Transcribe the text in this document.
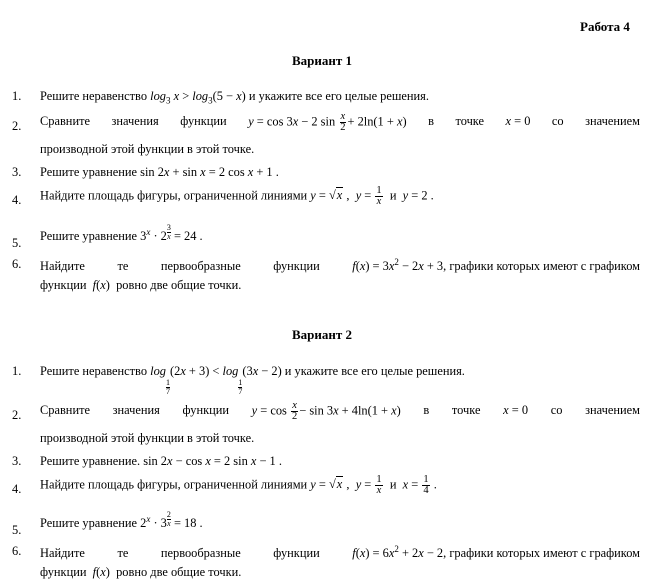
Работа 4
Вариант 1
1. Решите неравенство $\log_3 x > \log_3(5 - x)$ и укажите все его целые решения.
2. Сравните значения функции y = cos 3x − 2 $\sin \frac{x}{2} + 2\ln(1 + x)$ в точке x = 0 со значением
производной этой функции в этой точке.
3. Решите уравнение sin 2x + sin x = 2 cos x + 1 .
4. Найдите площадь фигуры, ограниченной линиями y = √ x ,  $y = \frac{1}{x}$ и y = 2 .
5. Решите уравнение $3^x \cdot 2 \frac{3}{x} = 24$ .
6. Найдите	те	первообразные	функции	$f(x) = 3x^2 - 2x + 3$, графики которых имеют с графиком
функции f(x)  ровно две общие точки.
Вариант 2
1. Решите неравенство log
$\frac{1}{7}$
(2x + 3) < log
$\frac{1}{7}$
(3x − 2) и укажите все его целые решения.
2. Сравните значения функции $y = \cos \frac{x}{2} - \sin 3x + 4\ln(1 + x)$ в точке x = 0 со значением
производной этой функции в этой точке.
3. Решите уравнение. sin 2x − cos x = 2 sin x − 1 .
4. Найдите площадь фигуры, ограниченной линиями y = √ x ,  $y = \frac{1}{x}$ и $x = \frac{1}{4}$ .
5. Решите уравнение $2^x \cdot 3 \frac{2}{x} = 18$ .
6. Найдите	те	первообразные	функции	$f(x) = 6x^2 + 2x - 2$, графики которых имеют с графиком
функции f(x)  ровно две общие точки.
